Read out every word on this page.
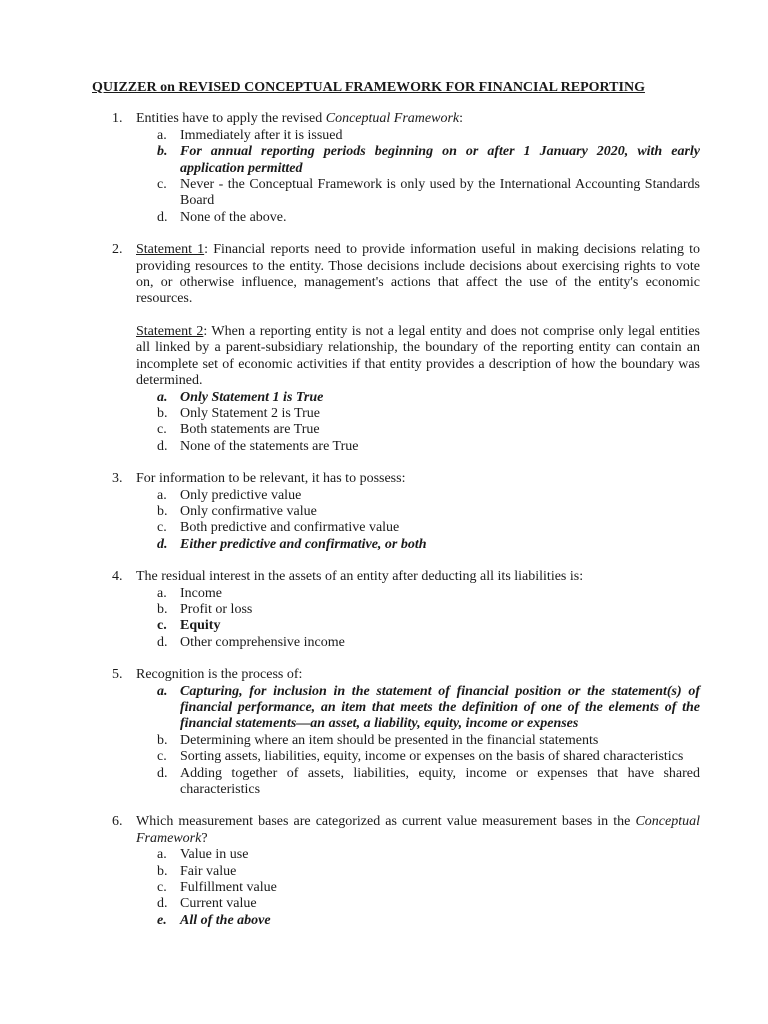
QUIZZER on REVISED CONCEPTUAL FRAMEWORK FOR FINANCIAL REPORTING
1. Entities have to apply the revised Conceptual Framework:
a. Immediately after it is issued
b. For annual reporting periods beginning on or after 1 January 2020, with early application permitted
c. Never - the Conceptual Framework is only used by the International Accounting Standards Board
d. None of the above.
2. Statement 1: Financial reports need to provide information useful in making decisions relating to providing resources to the entity. Those decisions include decisions about exercising rights to vote on, or otherwise influence, management's actions that affect the use of the entity's economic resources.

Statement 2: When a reporting entity is not a legal entity and does not comprise only legal entities all linked by a parent-subsidiary relationship, the boundary of the reporting entity can contain an incomplete set of economic activities if that entity provides a description of how the boundary was determined.

a. Only Statement 1 is True
b. Only Statement 2 is True
c. Both statements are True
d. None of the statements are True
3. For information to be relevant, it has to possess:
a. Only predictive value
b. Only confirmative value
c. Both predictive and confirmative value
d. Either predictive and confirmative, or both
4. The residual interest in the assets of an entity after deducting all its liabilities is:
a. Income
b. Profit or loss
c. Equity
d. Other comprehensive income
5. Recognition is the process of:
a. Capturing, for inclusion in the statement of financial position or the statement(s) of financial performance, an item that meets the definition of one of the elements of the financial statements—an asset, a liability, equity, income or expenses
b. Determining where an item should be presented in the financial statements
c. Sorting assets, liabilities, equity, income or expenses on the basis of shared characteristics
d. Adding together of assets, liabilities, equity, income or expenses that have shared characteristics
6. Which measurement bases are categorized as current value measurement bases in the Conceptual Framework?
a. Value in use
b. Fair value
c. Fulfillment value
d. Current value
e. All of the above
